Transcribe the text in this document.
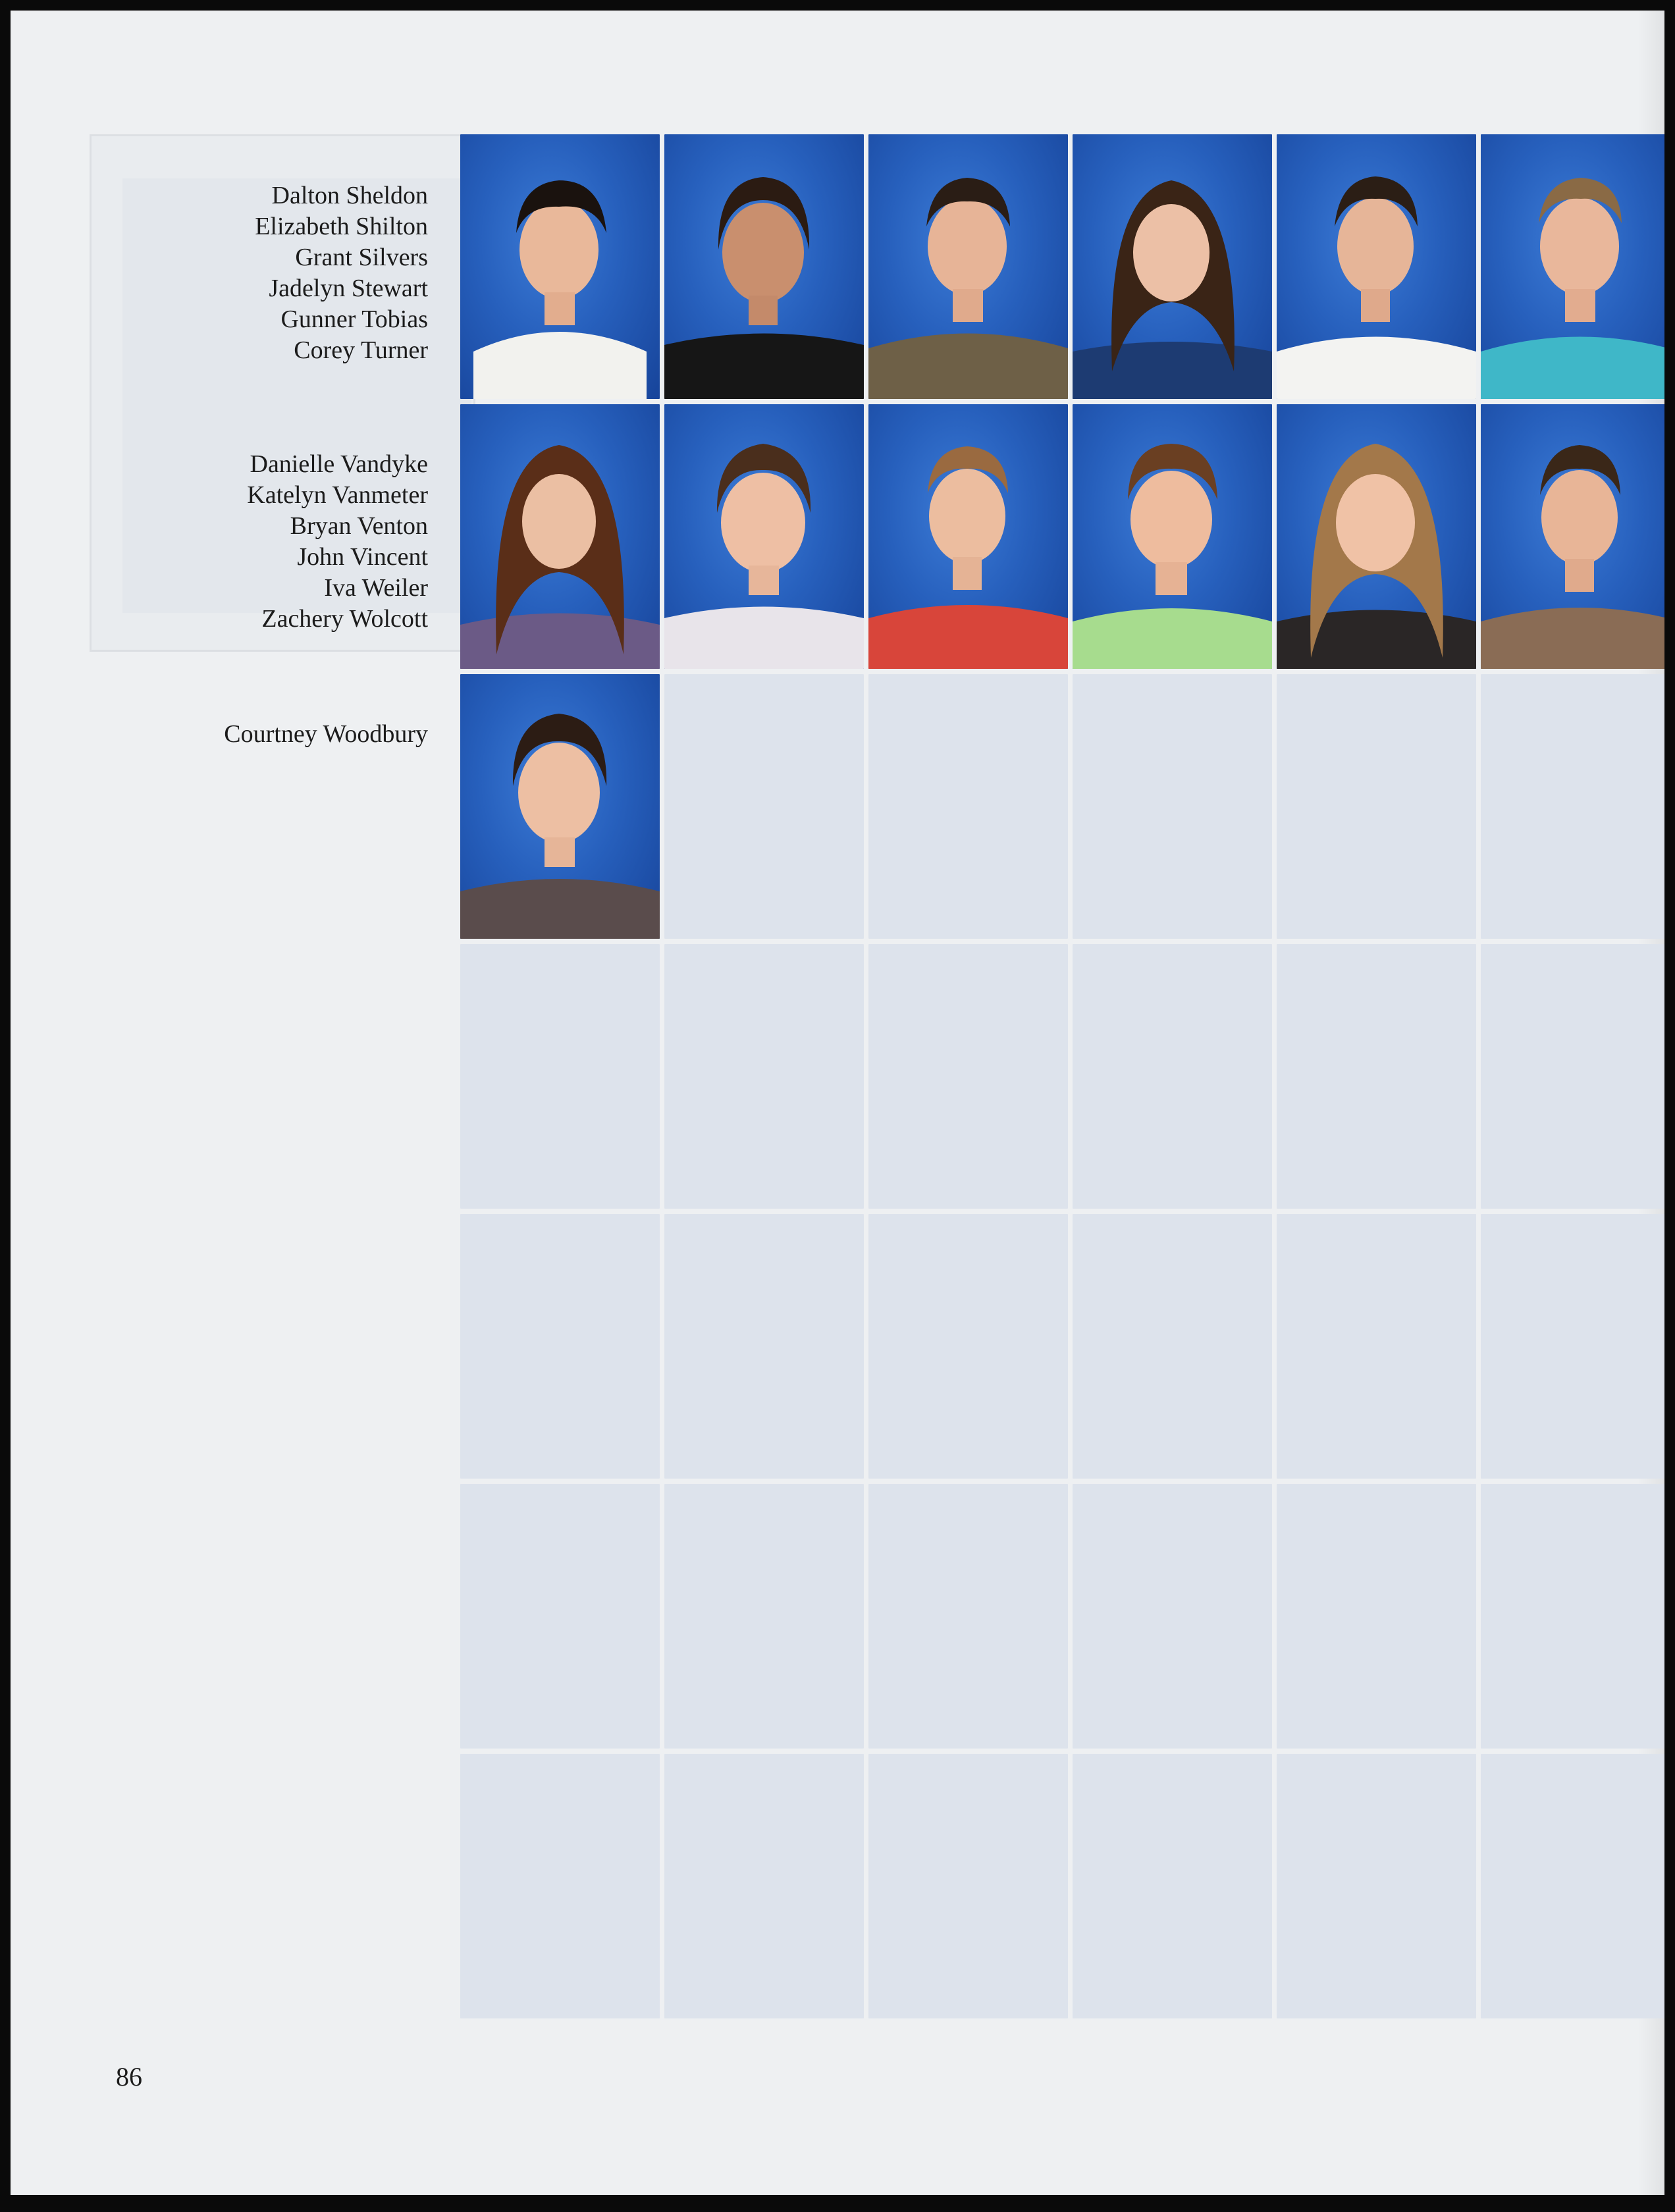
Dalton Sheldon
Elizabeth Shilton
Grant Silvers
Jadelyn Stewart
Gunner Tobias
Corey Turner
Danielle Vandyke
Katelyn Vanmeter
Bryan Venton
John Vincent
Iva Weiler
Zachery Wolcott
Courtney Woodbury
86
